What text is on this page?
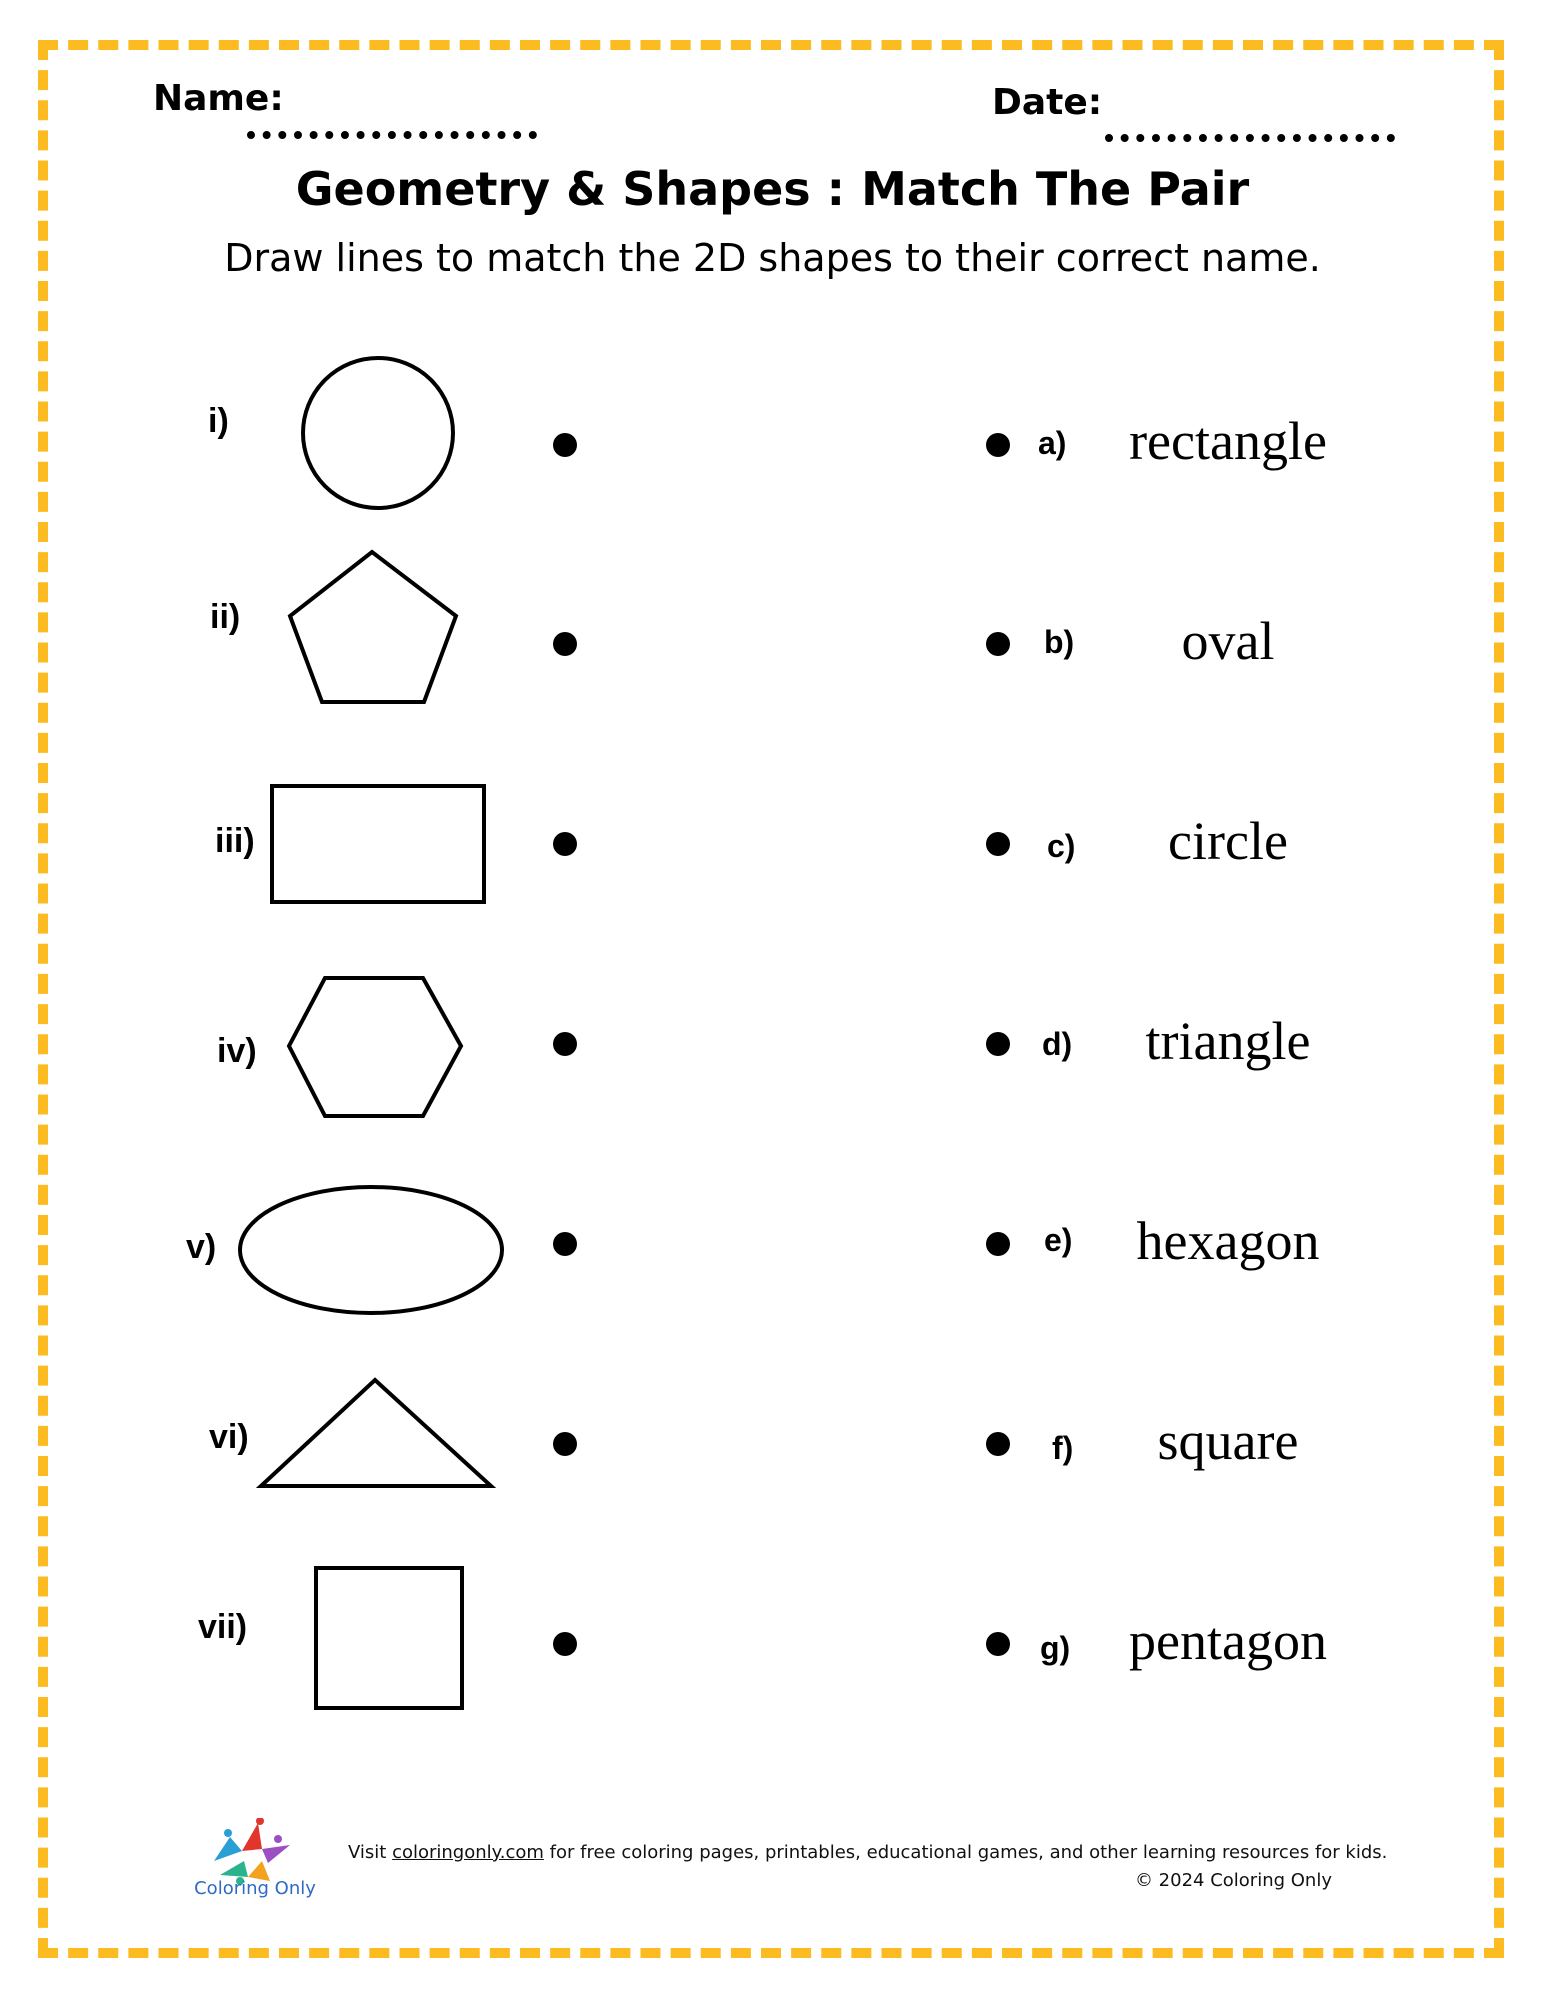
Name:	Date:
Geometry & Shapes : Match The Pair
Draw lines to match the 2D shapes to their correct name.
i)
ii)
iii)
iv)
v)
vi)
vii)
a)
b)
c)
d)
e)
f)
g)
rectangle
oval
circle
triangle
hexagon
square
pentagon
Coloring Only
Visit coloringonly.com for free coloring pages, printables, educational games, and other learning resources for kids.
© 2024 Coloring Only
